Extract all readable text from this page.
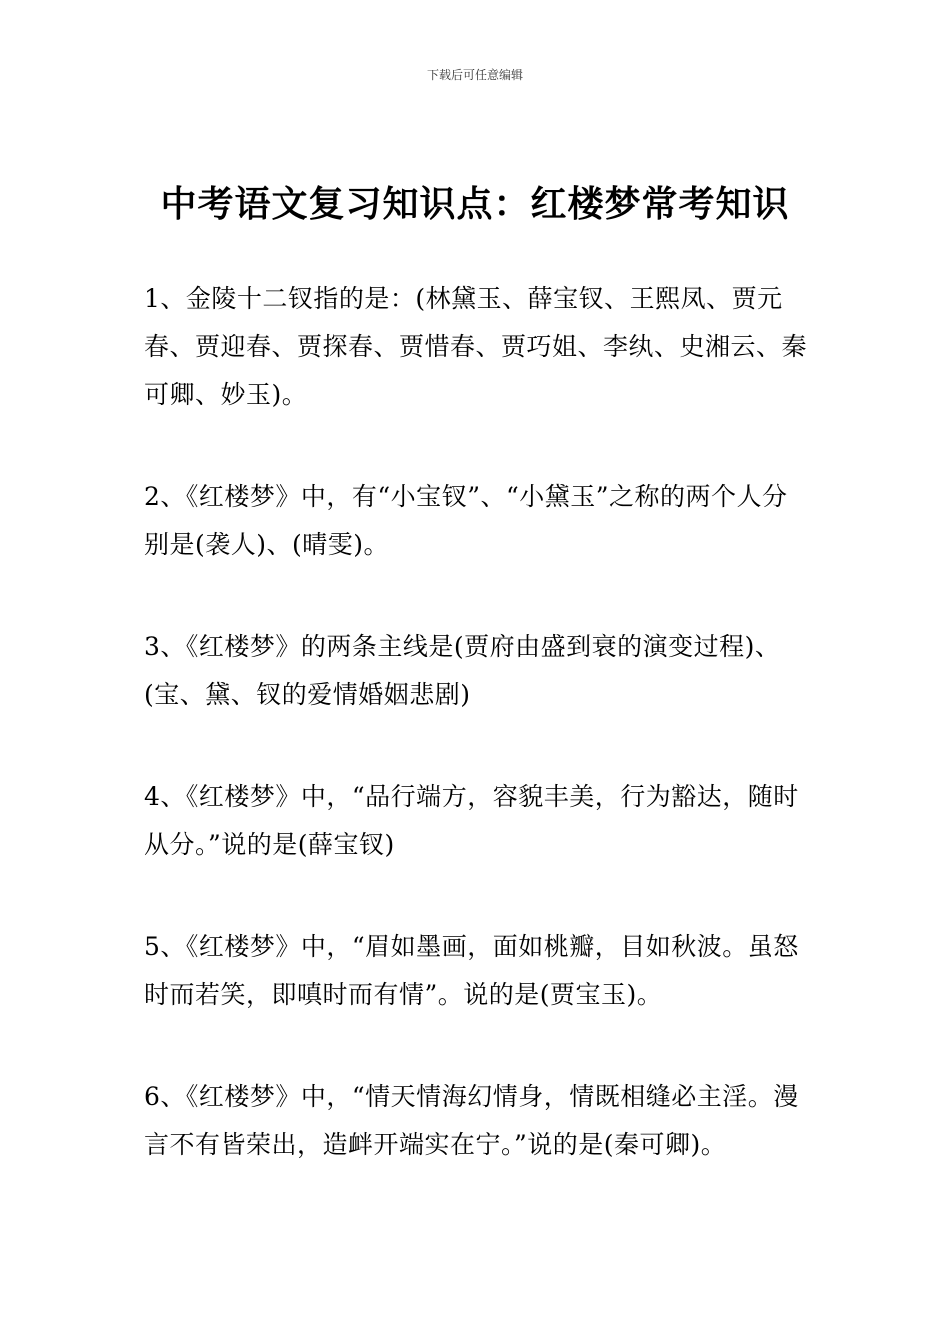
下载后可任意编辑
中考语文复习知识点：红楼梦常考知识
1、金陵十二钗指的是：(林黛玉、薛宝钗、王熙凤、贾元春、贾迎春、贾探春、贾惜春、贾巧姐、李纨、史湘云、秦可卿、妙玉)。
2、《红楼梦》中，有“小宝钗”、“小黛玉”之称的两个人分别是(袭人)、(晴雯)。
3、《红楼梦》的两条主线是(贾府由盛到衰的演变过程)、(宝、黛、钗的爱情婚姻悲剧)
4、《红楼梦》中，“品行端方，容貌丰美，行为豁达，随时从分。”说的是(薛宝钗)
5、《红楼梦》中，“眉如墨画，面如桃瓣，目如秋波。虽怒时而若笑，即嗔时而有情”。说的是(贾宝玉)。
6、《红楼梦》中，“情天情海幻情身，情既相缝必主淫。漫言不有皆荣出，造衅开端实在宁。”说的是(秦可卿)。
